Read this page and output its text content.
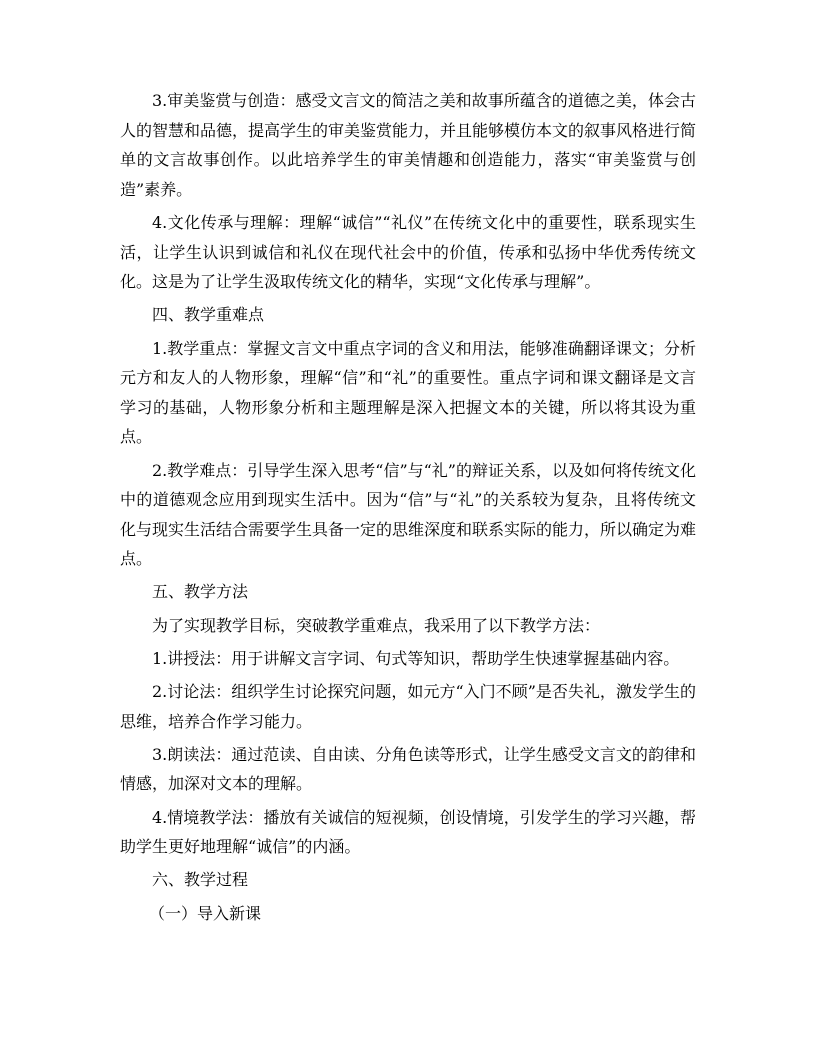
3.审美鉴赏与创造：感受文言文的简洁之美和故事所蕴含的道德之美，体会古人的智慧和品德，提高学生的审美鉴赏能力，并且能够模仿本文的叙事风格进行简单的文言故事创作。以此培养学生的审美情趣和创造能力，落实“审美鉴赏与创造”素养。

4.文化传承与理解：理解“诚信”“礼仪”在传统文化中的重要性，联系现实生活，让学生认识到诚信和礼仪在现代社会中的价值，传承和弘扬中华优秀传统文化。这是为了让学生汲取传统文化的精华，实现“文化传承与理解”。

四、教学重难点

1.教学重点：掌握文言文中重点字词的含义和用法，能够准确翻译课文；分析元方和友人的人物形象，理解“信”和“礼”的重要性。重点字词和课文翻译是文言学习的基础，人物形象分析和主题理解是深入把握文本的关键，所以将其设为重点。

2.教学难点：引导学生深入思考“信”与“礼”的辩证关系，以及如何将传统文化中的道德观念应用到现实生活中。因为“信”与“礼”的关系较为复杂，且将传统文化与现实生活结合需要学生具备一定的思维深度和联系实际的能力，所以确定为难点。

五、教学方法

为了实现教学目标，突破教学重难点，我采用了以下教学方法：

1.讲授法：用于讲解文言字词、句式等知识，帮助学生快速掌握基础内容。

2.讨论法：组织学生讨论探究问题，如元方“入门不顾”是否失礼，激发学生的思维，培养合作学习能力。

3.朗读法：通过范读、自由读、分角色读等形式，让学生感受文言文的韵律和情感，加深对文本的理解。

4.情境教学法：播放有关诚信的短视频，创设情境，引发学生的学习兴趣，帮助学生更好地理解“诚信”的内涵。

六、教学过程

（一）导入新课
